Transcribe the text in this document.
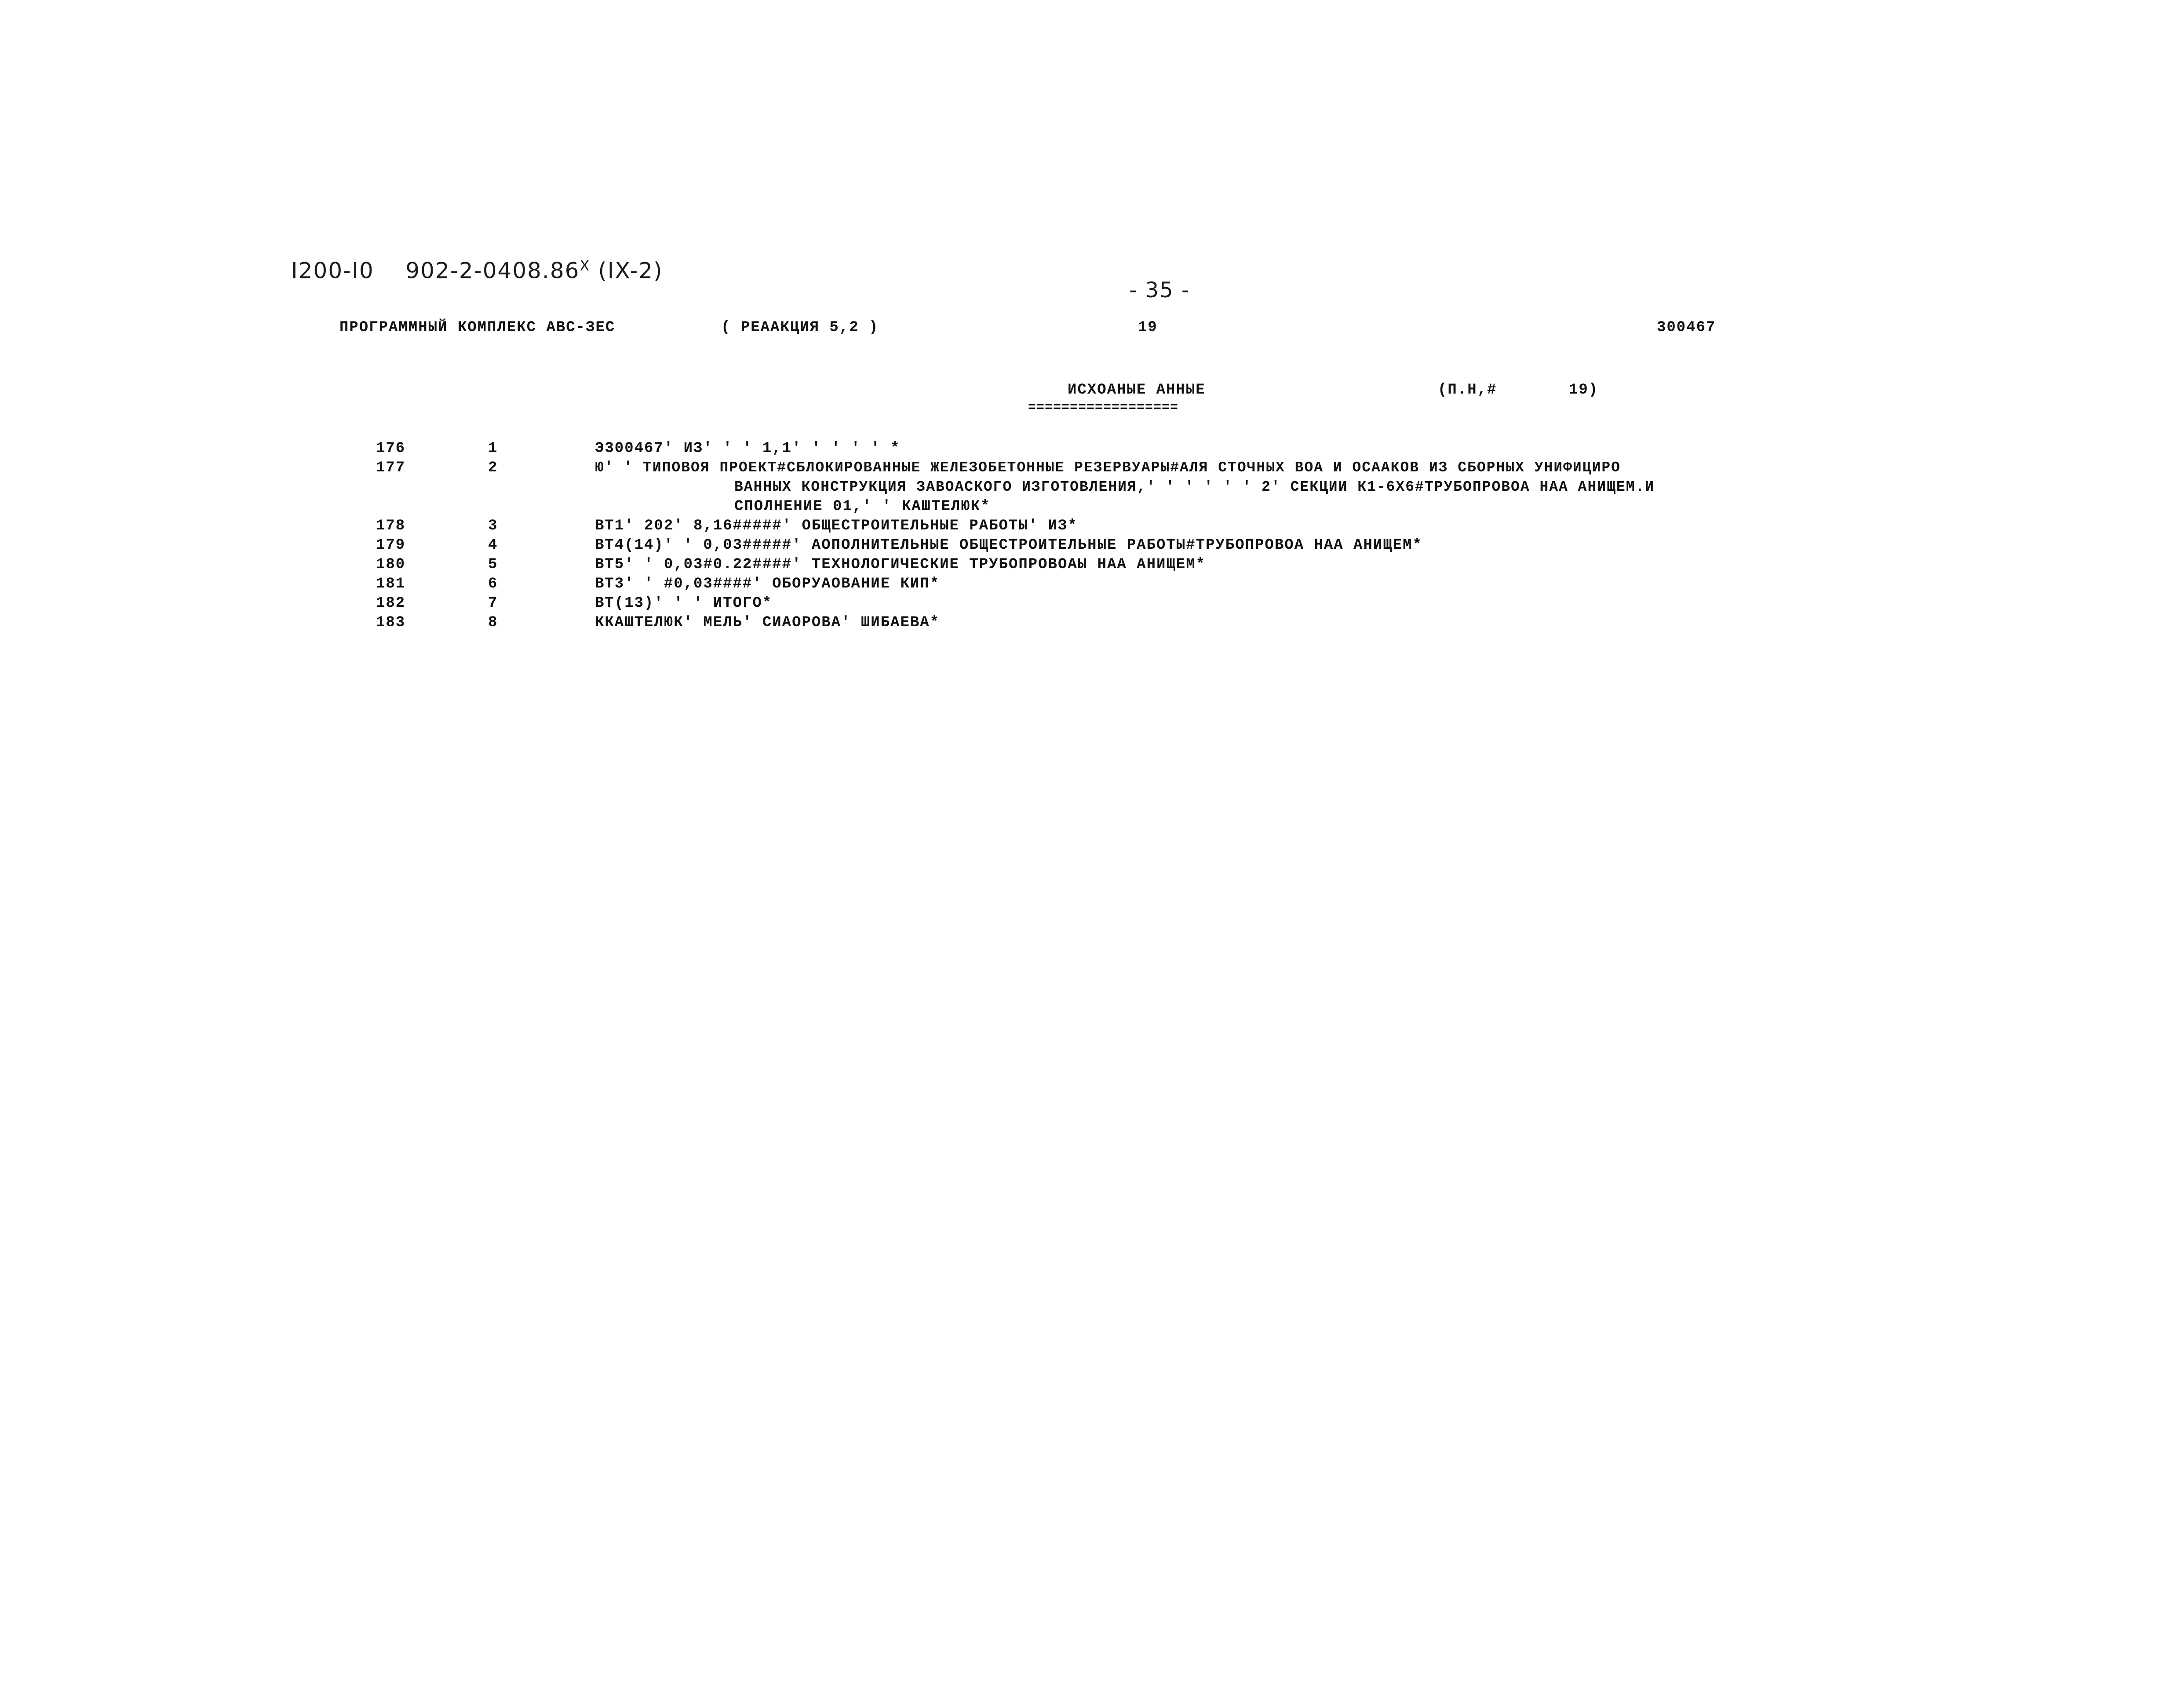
I200-I0 $902-2-0408.86^X$ (IX-2)
- 35 -
ПРОГРАММНЫЙ КОМПЛЕКС АВС-ЗЕС	( РЕААКЦИЯ 5,2 )	19	300467
ИСХОАНЫЕ АННЫЕ
==================
(П.Н,#	19)
176	1	Э300467' ИЗ' ' ' 1,1' ' ' ' ' *
177	2	Ю' ' ТИПОВОЯ ПРОЕКТ#СБЛОКИРОВАННЫЕ ЖЕЛЕЗОБЕТОННЫЕ РЕЗЕРВУАРЫ#АЛЯ СТОЧНЫХ ВОА И ОСААКОВ ИЗ СБОРНЫХ УНИФИЦИРО
ВАННЫХ КОНСТРУКЦИЯ ЗАВОАСКОГО ИЗГОТОВЛЕНИЯ,' ' ' ' ' ' 2' СЕКЦИИ К1-6Х6#ТРУБОПРОВОА НАА АНИЩЕМ.И
СПОЛНЕНИЕ 01,' ' КАШТЕЛЮК*
178	3	ВТ1' 202' 8,16#####' ОБЩЕСТРОИТЕЛЬНЫЕ РАБОТЫ' ИЗ*
179	4	ВТ4(14)' ' 0,03#####' АОПОЛНИТЕЛЬНЫЕ ОБЩЕСТРОИТЕЛЬНЫЕ РАБОТЫ#ТРУБОПРОВОА НАА АНИЩЕМ*
180	5	ВТ5' ' 0,03#0.22####' ТЕХНОЛОГИЧЕСКИЕ ТРУБОПРОВОАЫ НАА АНИЩЕМ*
181	6	ВТ3' ' #0,03####' ОБОРУАОВАНИЕ КИП*
182	7	ВТ(13)' ' ' ИТОГО*
183	8	ККАШТЕЛЮК' МЕЛЬ' СИАОРОВА' ШИБАЕВА*
